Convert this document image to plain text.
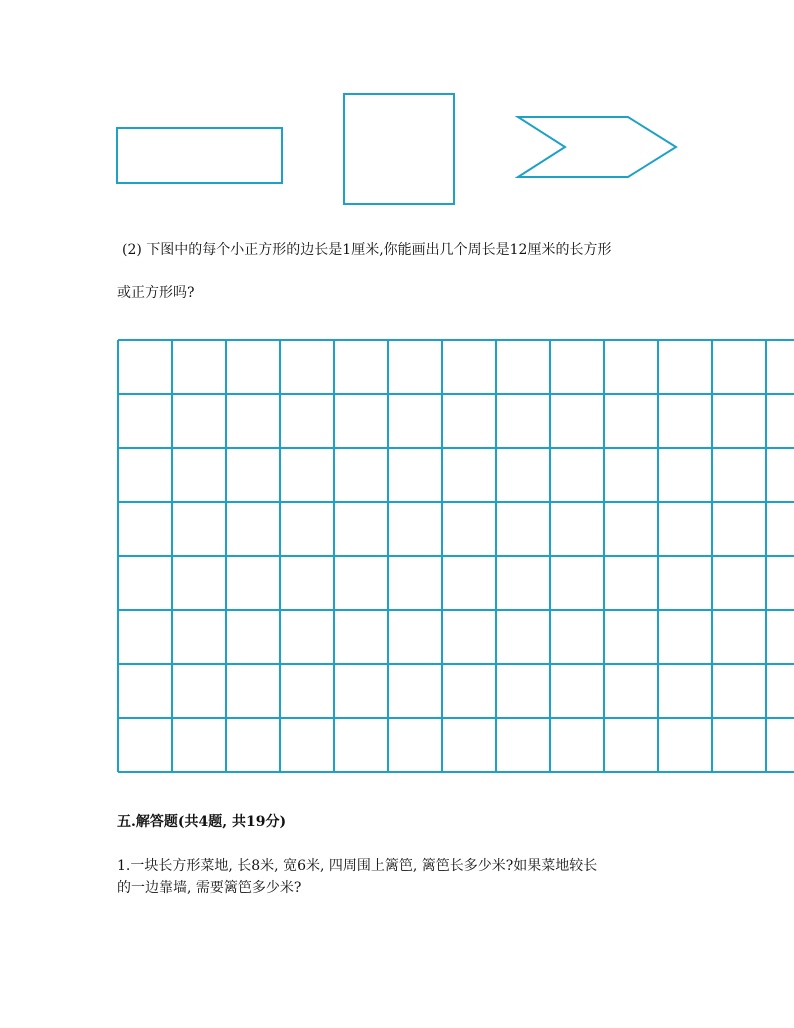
(2) 下图中的每个小正方形的边长是1厘米,你能画出几个周长是12厘米的长方形
或正方形吗?
五.解答题(共4题, 共19分)
1.一块长方形菜地, 长8米, 宽6米, 四周围上篱笆, 篱笆长多少米?如果菜地较长
的一边靠墙, 需要篱笆多少米?
